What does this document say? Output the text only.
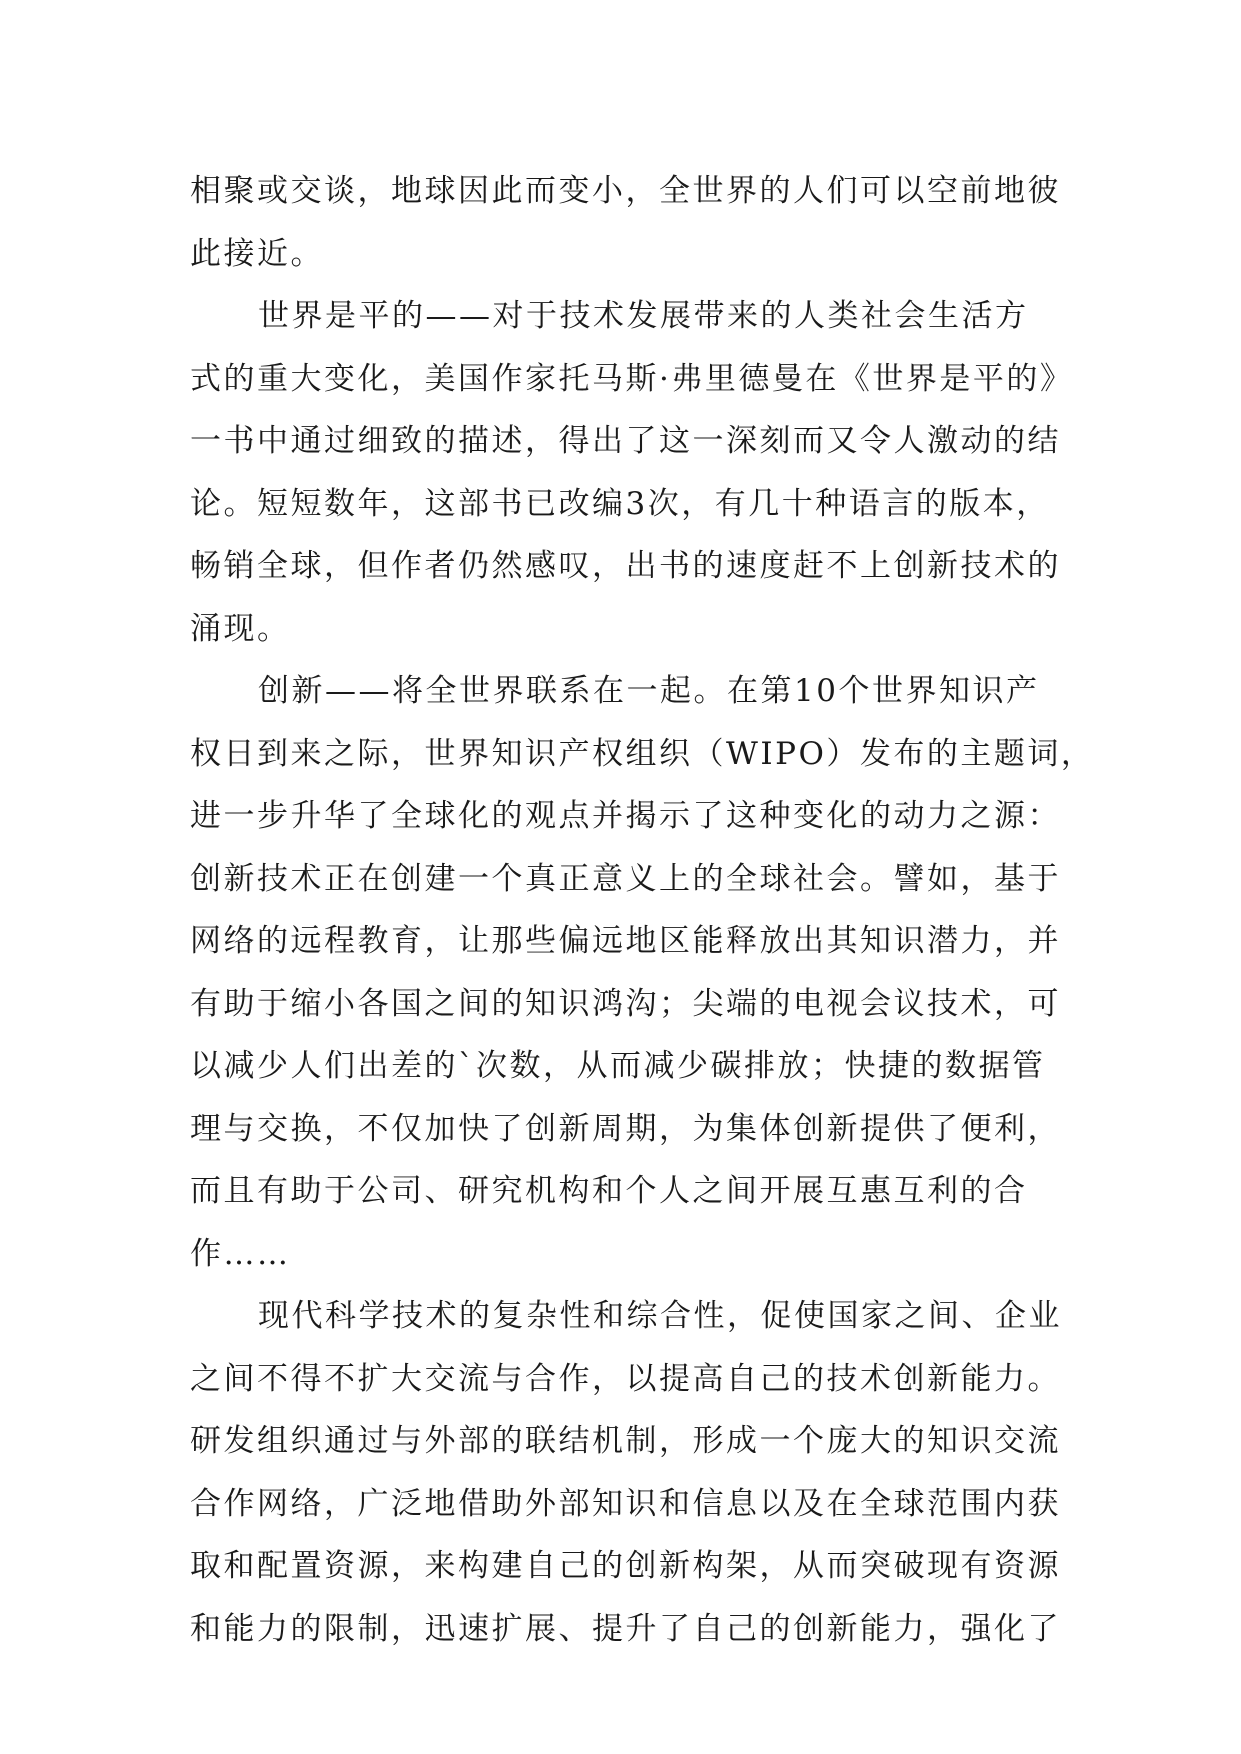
相聚或交谈，地球因此而变小，全世界的人们可以空前地彼
此接近。
世界是平的——对于技术发展带来的人类社会生活方
式的重大变化，美国作家托马斯·弗里德曼在《世界是平的》
一书中通过细致的描述，得出了这一深刻而又令人激动的结
论。短短数年，这部书已改编3次，有几十种语言的版本，
畅销全球，但作者仍然感叹，出书的速度赶不上创新技术的
涌现。
创新——将全世界联系在一起。在第10个世界知识产
权日到来之际，世界知识产权组织（WIPO）发布的主题词，
进一步升华了全球化的观点并揭示了这种变化的动力之源：
创新技术正在创建一个真正意义上的全球社会。譬如，基于
网络的远程教育，让那些偏远地区能释放出其知识潜力，并
有助于缩小各国之间的知识鸿沟；尖端的电视会议技术，可
以减少人们出差的`次数，从而减少碳排放；快捷的数据管
理与交换，不仅加快了创新周期，为集体创新提供了便利，
而且有助于公司、研究机构和个人之间开展互惠互利的合
作……
现代科学技术的复杂性和综合性，促使国家之间、企业
之间不得不扩大交流与合作，以提高自己的技术创新能力。
研发组织通过与外部的联结机制，形成一个庞大的知识交流
合作网络，广泛地借助外部知识和信息以及在全球范围内获
取和配置资源，来构建自己的创新构架，从而突破现有资源
和能力的限制，迅速扩展、提升了自己的创新能力，强化了
